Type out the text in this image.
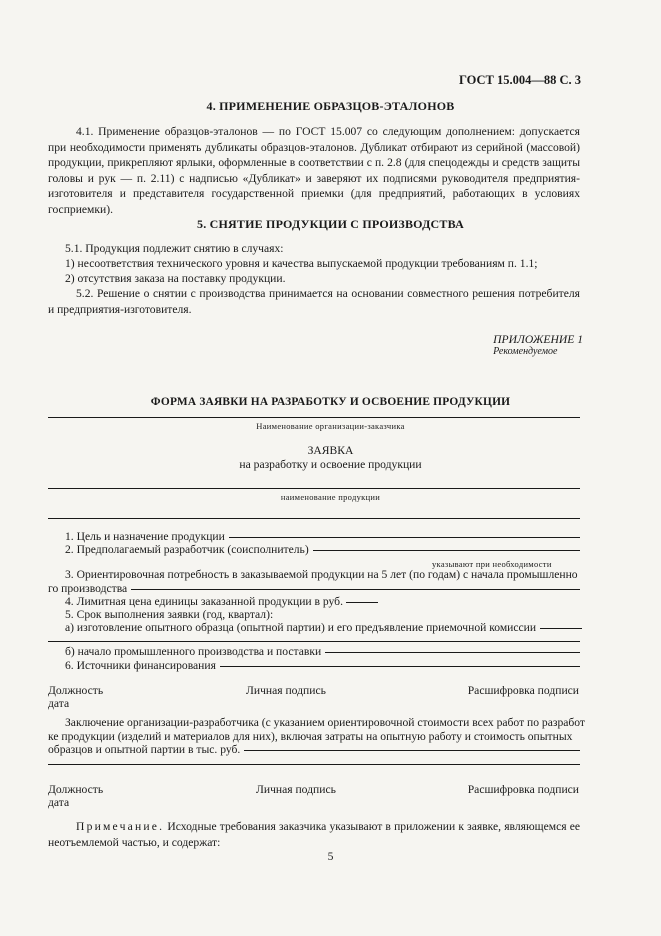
ГОСТ 15.004—88 С. 3
4. ПРИМЕНЕНИЕ ОБРАЗЦОВ-ЭТАЛОНОВ
4.1. Применение образцов-эталонов — по ГОСТ 15.007 со следующим дополнением: допускается при необходимости применять дубликаты образцов-эталонов. Дубликат отбирают из серийной (массовой) продукции, прикрепляют ярлыки, оформленные в соответствии с п. 2.8 (для спецодежды и средств защиты головы и рук — п. 2.11) с надписью «Дубликат» и заверяют их подписями руководителя предприятия-изготовителя и представителя государственной приемки (для предприятий, работающих в условиях госприемки).
5. СНЯТИЕ ПРОДУКЦИИ С ПРОИЗВОДСТВА
5.1. Продукция подлежит снятию в случаях:
1) несоответствия технического уровня и качества выпускаемой продукции требованиям п. 1.1;
2) отсутствия заказа на поставку продукции.
5.2. Решение о снятии с производства принимается на основании совместного решения потребителя и предприятия-изготовителя.
ПРИЛОЖЕНИЕ 1
Рекомендуемое
ФОРМА ЗАЯВКИ НА РАЗРАБОТКУ И ОСВОЕНИЕ ПРОДУКЦИИ
Наименование организации-заказчика
ЗАЯВКА
на разработку и освоение продукции
наименование продукции
1. Цель и назначение продукции
2. Предполагаемый разработчик (соисполнитель)
указывают при необходимости
3. Ориентировочная потребность в заказываемой продукции на 5 лет (по годам) с начала промышленно
го производства
4. Лимитная цена единицы заказанной продукции в руб.
5. Срок выполнения заявки (год, квартал):
а) изготовление опытного образца (опытной партии) и его предъявление приемочной комиссии
б) начало промышленного производства и поставки
6. Источники финансирования
Должность	Личная подпись	Расшифровка подписи
дата
Заключение организации-разработчика (с указанием ориентировочной стоимости всех работ по разработ
ке продукции (изделий и материалов для них), включая затраты на опытную работу и стоимость опытных
образцов и опытной партии в тыс. руб.
Должность	Личная подпись	Расшифровка подписи
дата
Примечание. Исходные требования заказчика указывают в приложении к заявке, являющемся ее неотъемлемой частью, и содержат:
5
